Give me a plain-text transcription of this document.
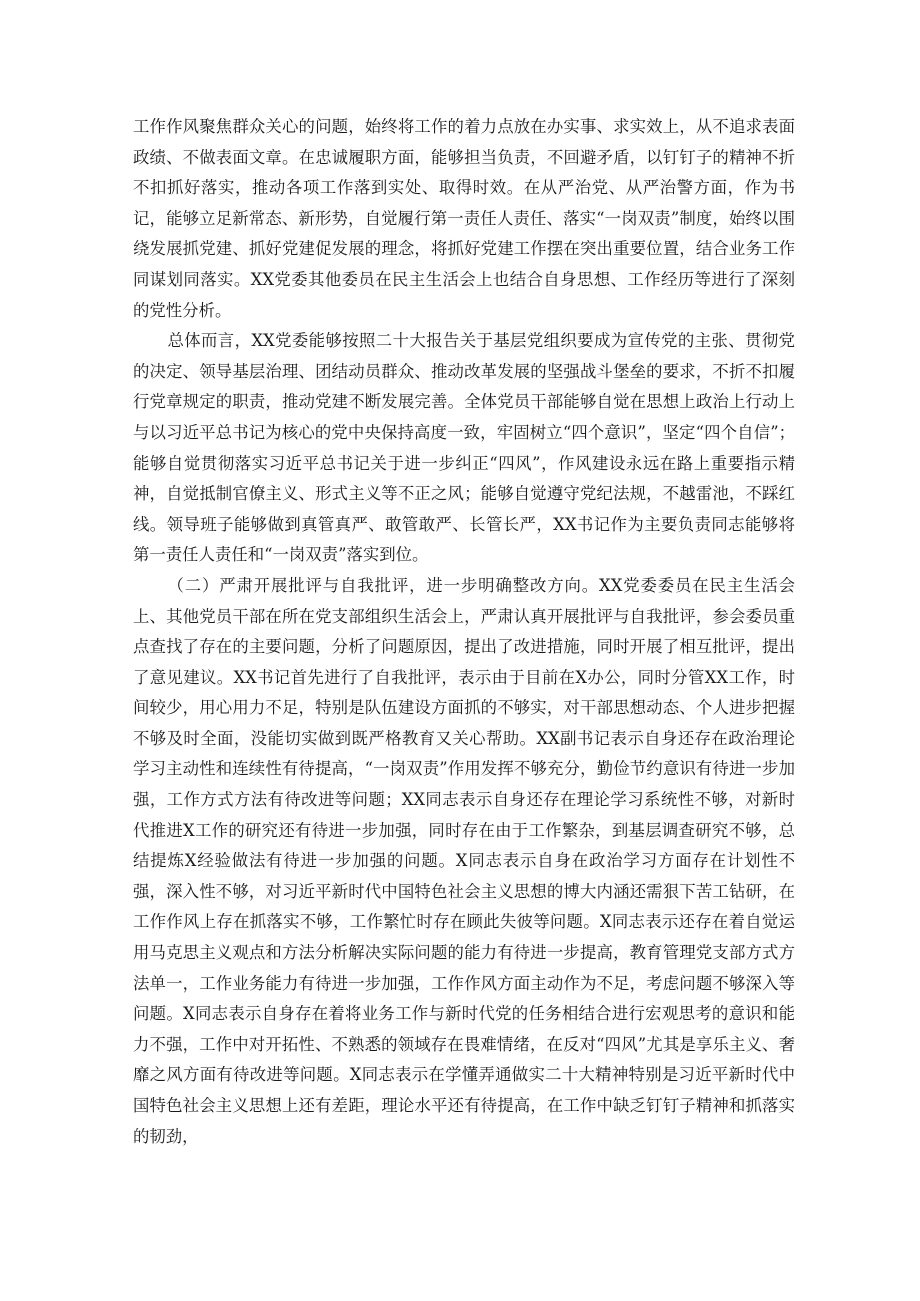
工作作风聚焦群众关心的问题，始终将工作的着力点放在办实事、求实效上，从不追求表面政绩、不做表面文章。在忠诚履职方面，能够担当负责，不回避矛盾，以钉钉子的精神不折不扣抓好落实，推动各项工作落到实处、取得时效。在从严治党、从严治警方面，作为书记，能够立足新常态、新形势，自觉履行第一责任人责任、落实“一岗双责”制度，始终以围绕发展抓党建、抓好党建促发展的理念，将抓好党建工作摆在突出重要位置，结合业务工作同谋划同落实。XX党委其他委员在民主生活会上也结合自身思想、工作经历等进行了深刻的党性分析。

总体而言，XX党委能够按照二十大报告关于基层党组织要成为宣传党的主张、贯彻党的决定、领导基层治理、团结动员群众、推动改革发展的坚强战斗堡垒的要求，不折不扣履行党章规定的职责，推动党建不断发展完善。全体党员干部能够自觉在思想上政治上行动上与以习近平总书记为核心的党中央保持高度一致，牢固树立“四个意识”，坚定“四个自信”；能够自觉贯彻落实习近平总书记关于进一步纠正“四风”，作风建设永远在路上重要指示精神，自觉抵制官僚主义、形式主义等不正之风；能够自觉遵守党纪法规，不越雷池，不踩红线。领导班子能够做到真管真严、敢管敢严、长管长严，XX书记作为主要负责同志能够将第一责任人责任和“一岗双责”落实到位。

（二）严肃开展批评与自我批评，进一步明确整改方向。XX党委委员在民主生活会上、其他党员干部在所在党支部组织生活会上，严肃认真开展批评与自我批评，参会委员重点查找了存在的主要问题，分析了问题原因，提出了改进措施，同时开展了相互批评，提出了意见建议。XX书记首先进行了自我批评，表示由于目前在X办公，同时分管XX工作，时间较少，用心用力不足，特别是队伍建设方面抓的不够实，对干部思想动态、个人进步把握不够及时全面，没能切实做到既严格教育又关心帮助。XX副书记表示自身还存在政治理论学习主动性和连续性有待提高，“一岗双责”作用发挥不够充分，勤俭节约意识有待进一步加强，工作方式方法有待改进等问题；XX同志表示自身还存在理论学习系统性不够，对新时代推进X工作的研究还有待进一步加强，同时存在由于工作繁杂，到基层调查研究不够，总结提炼X经验做法有待进一步加强的问题。X同志表示自身在政治学习方面存在计划性不强，深入性不够，对习近平新时代中国特色社会主义思想的博大内涵还需狠下苦工钻研，在工作作风上存在抓落实不够，工作繁忙时存在顾此失彼等问题。X同志表示还存在着自觉运用马克思主义观点和方法分析解决实际问题的能力有待进一步提高，教育管理党支部方式方法单一，工作业务能力有待进一步加强，工作作风方面主动作为不足，考虑问题不够深入等问题。X同志表示自身存在着将业务工作与新时代党的任务相结合进行宏观思考的意识和能力不强，工作中对开拓性、不熟悉的领域存在畏难情绪，在反对“四风”尤其是享乐主义、奢靡之风方面有待改进等问题。X同志表示在学懂弄通做实二十大精神特别是习近平新时代中国特色社会主义思想上还有差距，理论水平还有待提高，在工作中缺乏钉钉子精神和抓落实的韧劲，
